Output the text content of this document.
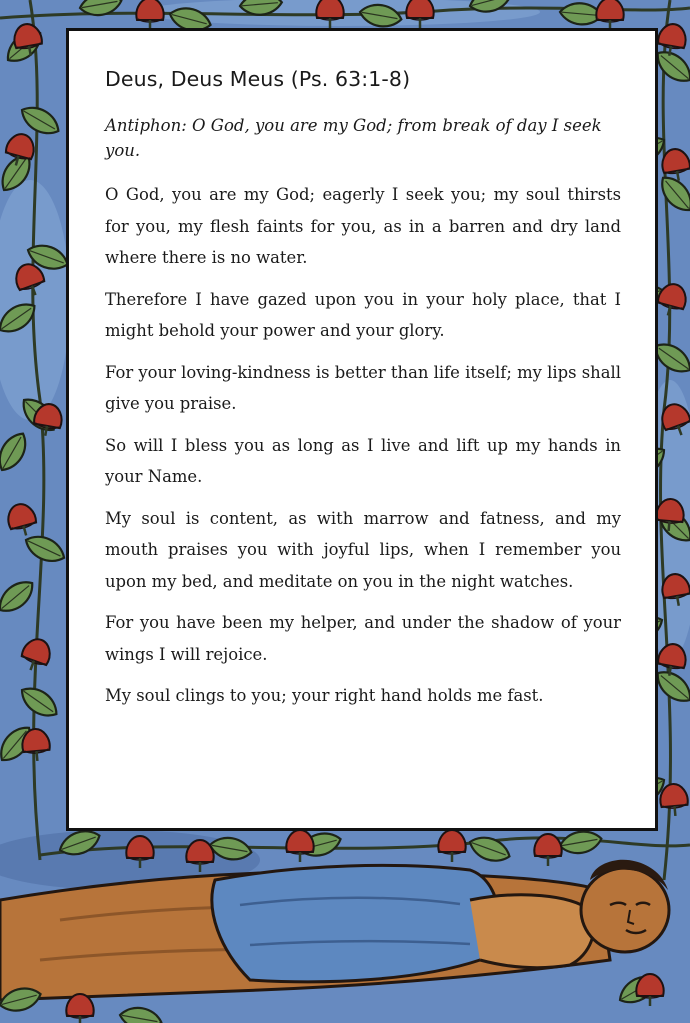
Deus, Deus Meus (Ps. 63:1-8)

Antiphon: O God, you are my God; from break of day I seek you.

O God, you are my God; eagerly I seek you; my soul thirsts for you, my flesh faints for you, as in a barren and dry land where there is no water.

Therefore I have gazed upon you in your holy place, that I might behold your power and your glory.

For your loving-kindness is better than life itself; my lips shall give you praise.

So will I bless you as long as I live and lift up my hands in your Name.

My soul is content, as with marrow and fatness, and my mouth praises you with joyful lips, when I remember you upon my bed, and meditate on you in the night watches.

For you have been my helper, and under the shadow of your wings I will rejoice.

My soul clings to you; your right hand holds me fast.
